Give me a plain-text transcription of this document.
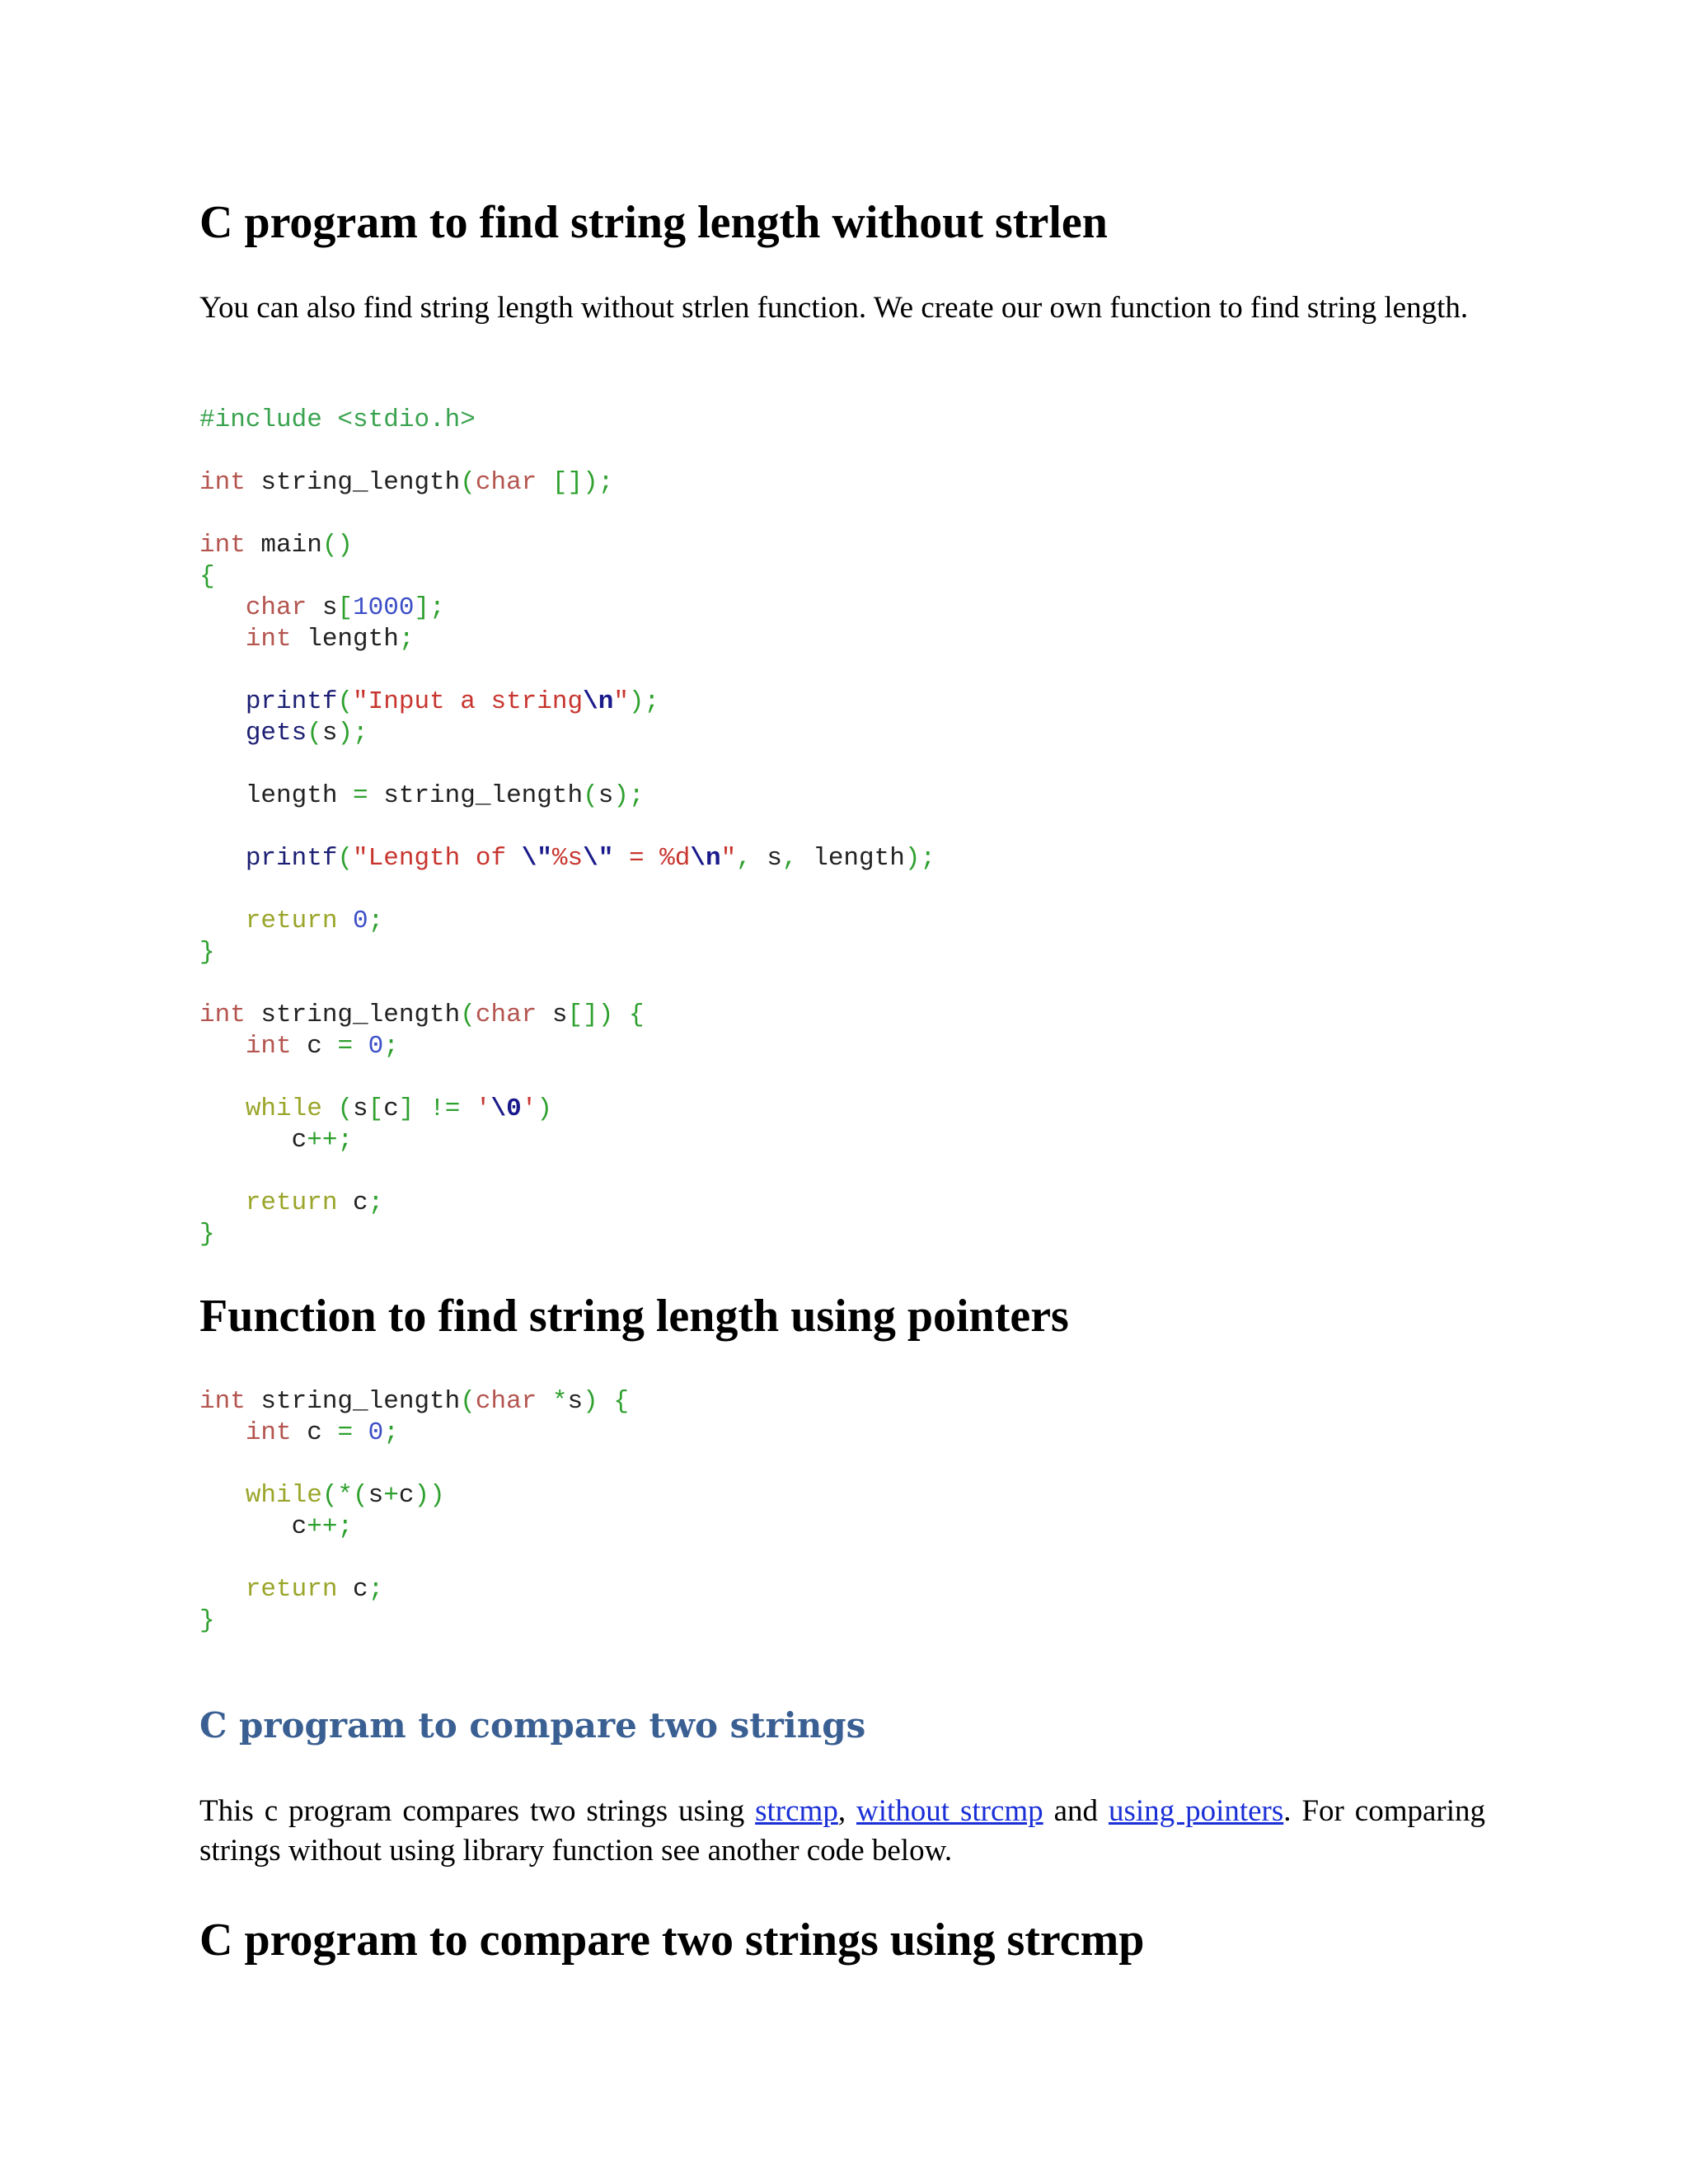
C program to find string length without strlen

You can also find string length without strlen function. We create our own function to find string length.

#include <stdio.h>
int string_length(char []);
int main()
{
char s[1000];
int length;
printf("Input a string\n");
gets(s);
length = string_length(s);
printf("Length of \"%s\" = %d\n", s, length);
return 0;
}
int string_length(char s[]) {
int c = 0;
while (s[c] != '\0')
c++;
return c;
}
Function to find string length using pointers
int string_length(char *s) {
int c = 0;
while(*(s+c))
c++;
return c;
}
C program to compare two strings

This c program compares two strings using strcmp, without strcmp and using pointers. For comparing strings without using library function see another code below.

C program to compare two strings using strcmp
